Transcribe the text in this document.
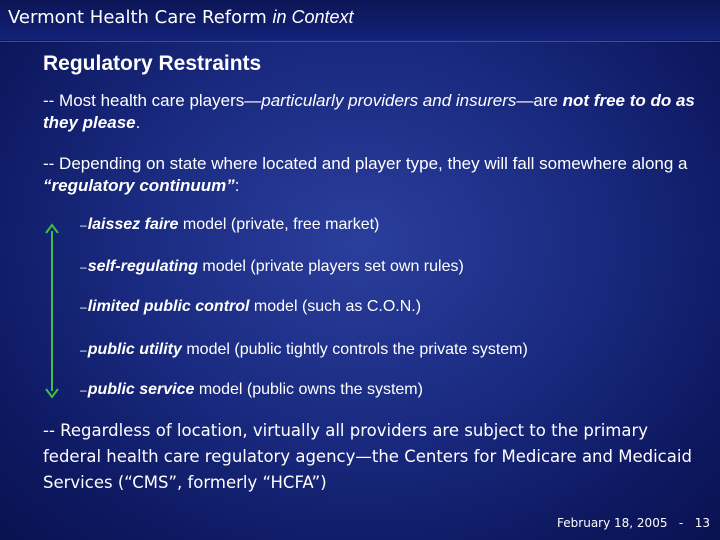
Vermont Health Care Reform in Context
Regulatory Restraints
-- Most health care players—particularly providers and insurers—are not free to do as they please.
-- Depending on state where located and player type, they will fall somewhere along a “regulatory continuum”:
–laissez faire model (private, free market)
–self-regulating model (private players set own rules)
–limited public control model (such as C.O.N.)
–public utility model (public tightly controls the private system)
–public service model (public owns the system)
-- Regardless of location, virtually all providers are subject to the primary federal health care regulatory agency—the Centers for Medicare and Medicaid Services (“CMS”, formerly “HCFA”)
February 18, 2005 - 13
